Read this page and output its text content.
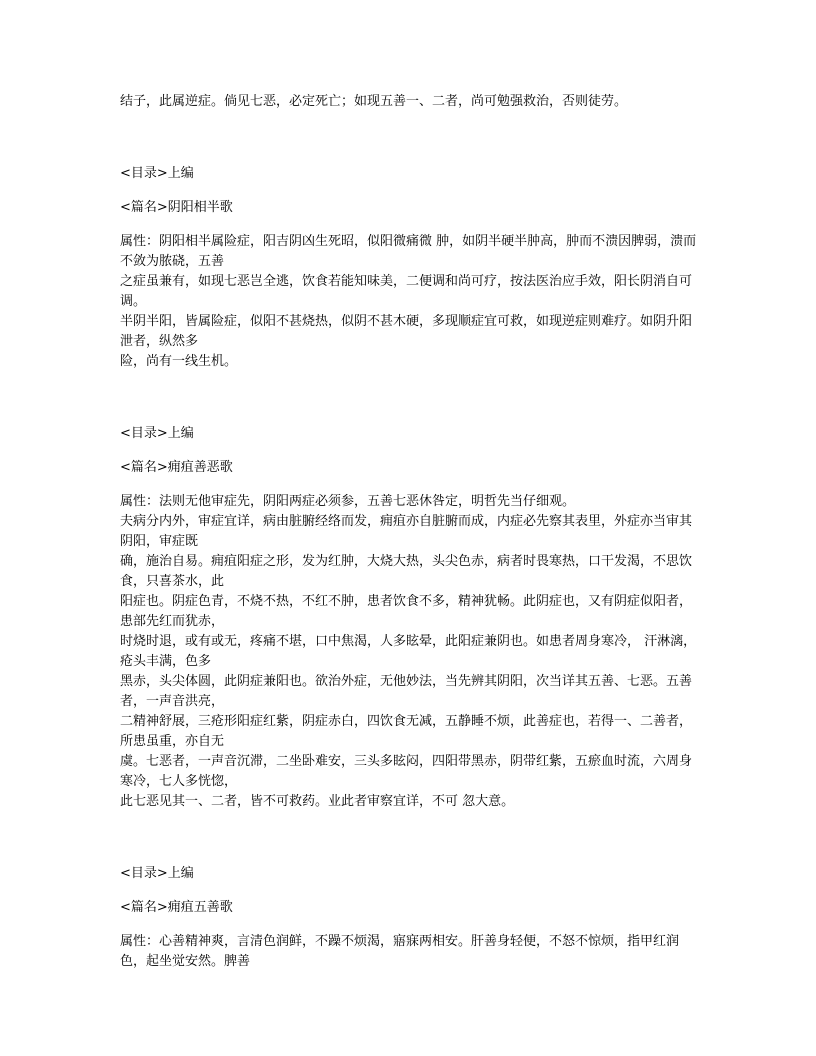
结子，此属逆症。倘见七恶，必定死亡；如现五善一、二者，尚可勉强救治，否则徒劳。

<目录>上编

<篇名>阴阳相半歌

属性：阴阳相半属险症，阳吉阴凶生死昭，似阳微痛微 肿，如阴半硬半肿高，肿而不溃因脾弱，溃而不敛为脓硗，五善

之症虽兼有，如现七恶岂全逃，饮食若能知味美，二便调和尚可疗，按法医治应手效，阳长阴消自可调。

半阴半阳，皆属险症，似阳不甚烧热，似阴不甚木硬，多现顺症宜可救，如现逆症则难疗。如阴升阳泄者，纵然多

险，尚有一线生机。

<目录>上编

<篇名>痈疽善恶歌

属性：法则无他审症先，阴阳两症必须参，五善七恶休咎定，明哲先当仔细观。

夫病分内外，审症宜详，病由脏腑经络而发，痈疽亦自脏腑而成，内症必先察其表里，外症亦当审其阴阳，审症既

确，施治自易。痈疽阳症之形，发为红肿，大烧大热，头尖色赤，病者时畏寒热，口干发渴，不思饮食，只喜茶水，此

阳症也。阴症色青，不烧不热，不红不肿，患者饮食不多，精神犹畅。此阴症也，又有阴症似阳者，患部先红而犹赤，

时烧时退，或有或无，疼痛不堪，口中焦渴，人多眩晕，此阳症兼阴也。如患者周身寒冷， 汗淋漓，疮头丰满，色多

黑赤，头尖体圆，此阴症兼阳也。欲治外症，无他妙法，当先辨其阴阳，次当详其五善、七恶。五善者，一声音洪亮，

二精神舒展，三疮形阳症红紫，阴症赤白，四饮食无减，五静睡不烦，此善症也，若得一、二善者，所患虽重，亦自无

虞。七恶者，一声音沉滞，二坐卧难安，三头多眩闷，四阳带黑赤，阴带红紫，五瘀血时流，六周身寒冷，七人多恍惚，

此七恶见其一、二者，皆不可救药。业此者审察宜详，不可 忽大意。

<目录>上编

<篇名>痈疽五善歌

属性：心善精神爽，言清色润鲜，不躁不烦渴，寤寐两相安。肝善身轻便，不怒不惊烦，指甲红润色，起坐觉安然。脾善
